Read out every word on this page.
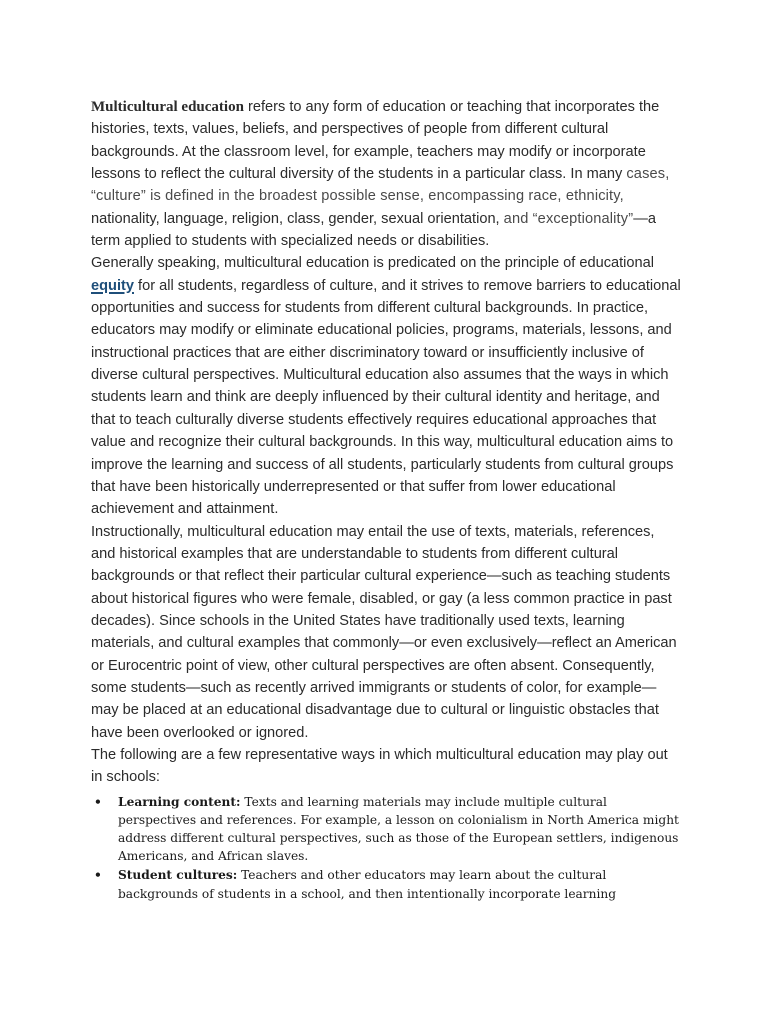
Multicultural education refers to any form of education or teaching that incorporates the histories, texts, values, beliefs, and perspectives of people from different cultural backgrounds. At the classroom level, for example, teachers may modify or incorporate lessons to reflect the cultural diversity of the students in a particular class. In many cases, “culture” is defined in the broadest possible sense, encompassing race, ethnicity, nationality, language, religion, class, gender, sexual orientation, and “exceptionality”—a term applied to students with specialized needs or disabilities.

Generally speaking, multicultural education is predicated on the principle of educational equity for all students, regardless of culture, and it strives to remove barriers to educational opportunities and success for students from different cultural backgrounds. In practice, educators may modify or eliminate educational policies, programs, materials, lessons, and instructional practices that are either discriminatory toward or insufficiently inclusive of diverse cultural perspectives. Multicultural education also assumes that the ways in which students learn and think are deeply influenced by their cultural identity and heritage, and that to teach culturally diverse students effectively requires educational approaches that value and recognize their cultural backgrounds. In this way, multicultural education aims to improve the learning and success of all students, particularly students from cultural groups that have been historically underrepresented or that suffer from lower educational achievement and attainment.

Instructionally, multicultural education may entail the use of texts, materials, references, and historical examples that are understandable to students from different cultural backgrounds or that reflect their particular cultural experience—such as teaching students about historical figures who were female, disabled, or gay (a less common practice in past decades). Since schools in the United States have traditionally used texts, learning materials, and cultural examples that commonly—or even exclusively—reflect an American or Eurocentric point of view, other cultural perspectives are often absent. Consequently, some students—such as recently arrived immigrants or students of color, for example—may be placed at an educational disadvantage due to cultural or linguistic obstacles that have been overlooked or ignored.

The following are a few representative ways in which multicultural education may play out in schools:

• Learning content: Texts and learning materials may include multiple cultural perspectives and references. For example, a lesson on colonialism in North America might address different cultural perspectives, such as those of the European settlers, indigenous Americans, and African slaves.
• Student cultures: Teachers and other educators may learn about the cultural backgrounds of students in a school, and then intentionally incorporate learning
